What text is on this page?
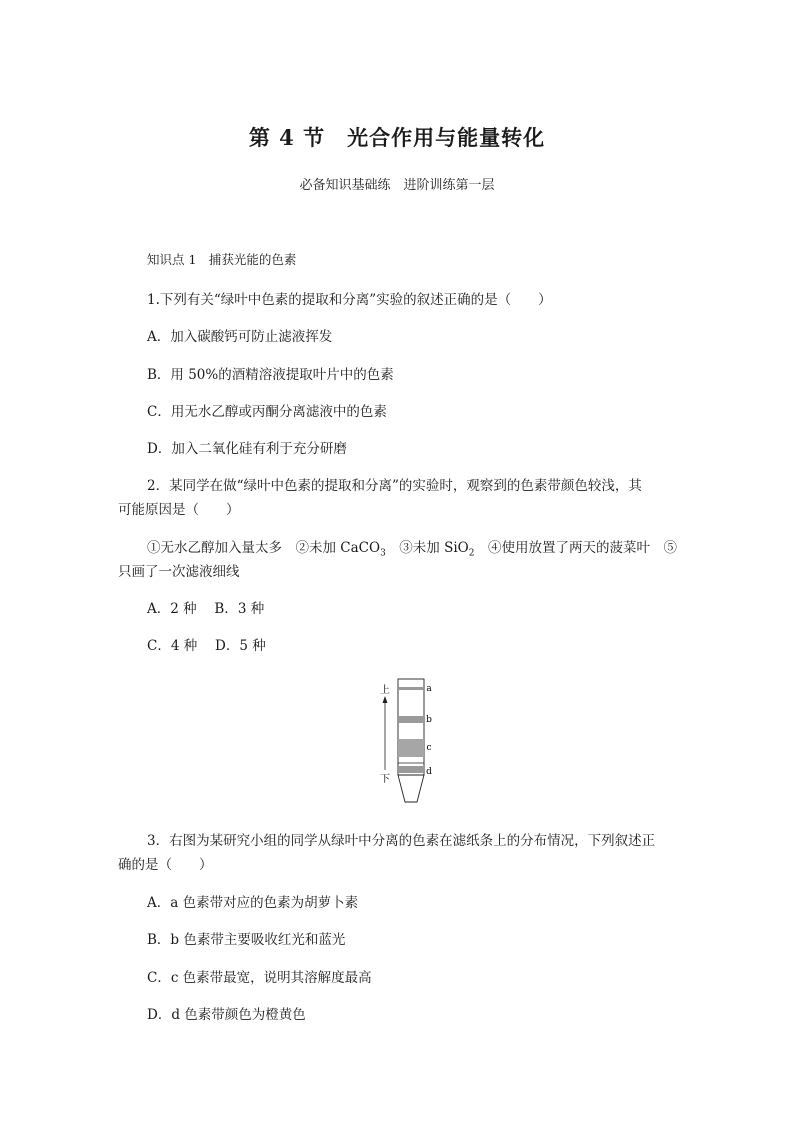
第 4 节　光合作用与能量转化
必备知识基础练　进阶训练第一层
知识点 1　捕获光能的色素
1.下列有关“绿叶中色素的提取和分离”实验的叙述正确的是（　　）
A．加入碳酸钙可防止滤液挥发
B．用 50%的酒精溶液提取叶片中的色素
C．用无水乙醇或丙酮分离滤液中的色素
D．加入二氧化硅有利于充分研磨
2．某同学在做“绿叶中色素的提取和分离”的实验时，观察到的色素带颜色较浅，其
可能原因是（　　）
①无水乙醇加入量太多　②未加 CaCO$_3$　③未加 SiO$_2$　④使用放置了两天的菠菜叶　⑤
只画了一次滤液细线
A．2 种　 B．3 种
C．4 种　 D．5 种
上
下
a
b
c
d
3．右图为某研究小组的同学从绿叶中分离的色素在滤纸条上的分布情况，下列叙述正
确的是（　　）
A．a 色素带对应的色素为胡萝卜素
B．b 色素带主要吸收红光和蓝光
C．c 色素带最宽，说明其溶解度最高
D．d 色素带颜色为橙黄色
